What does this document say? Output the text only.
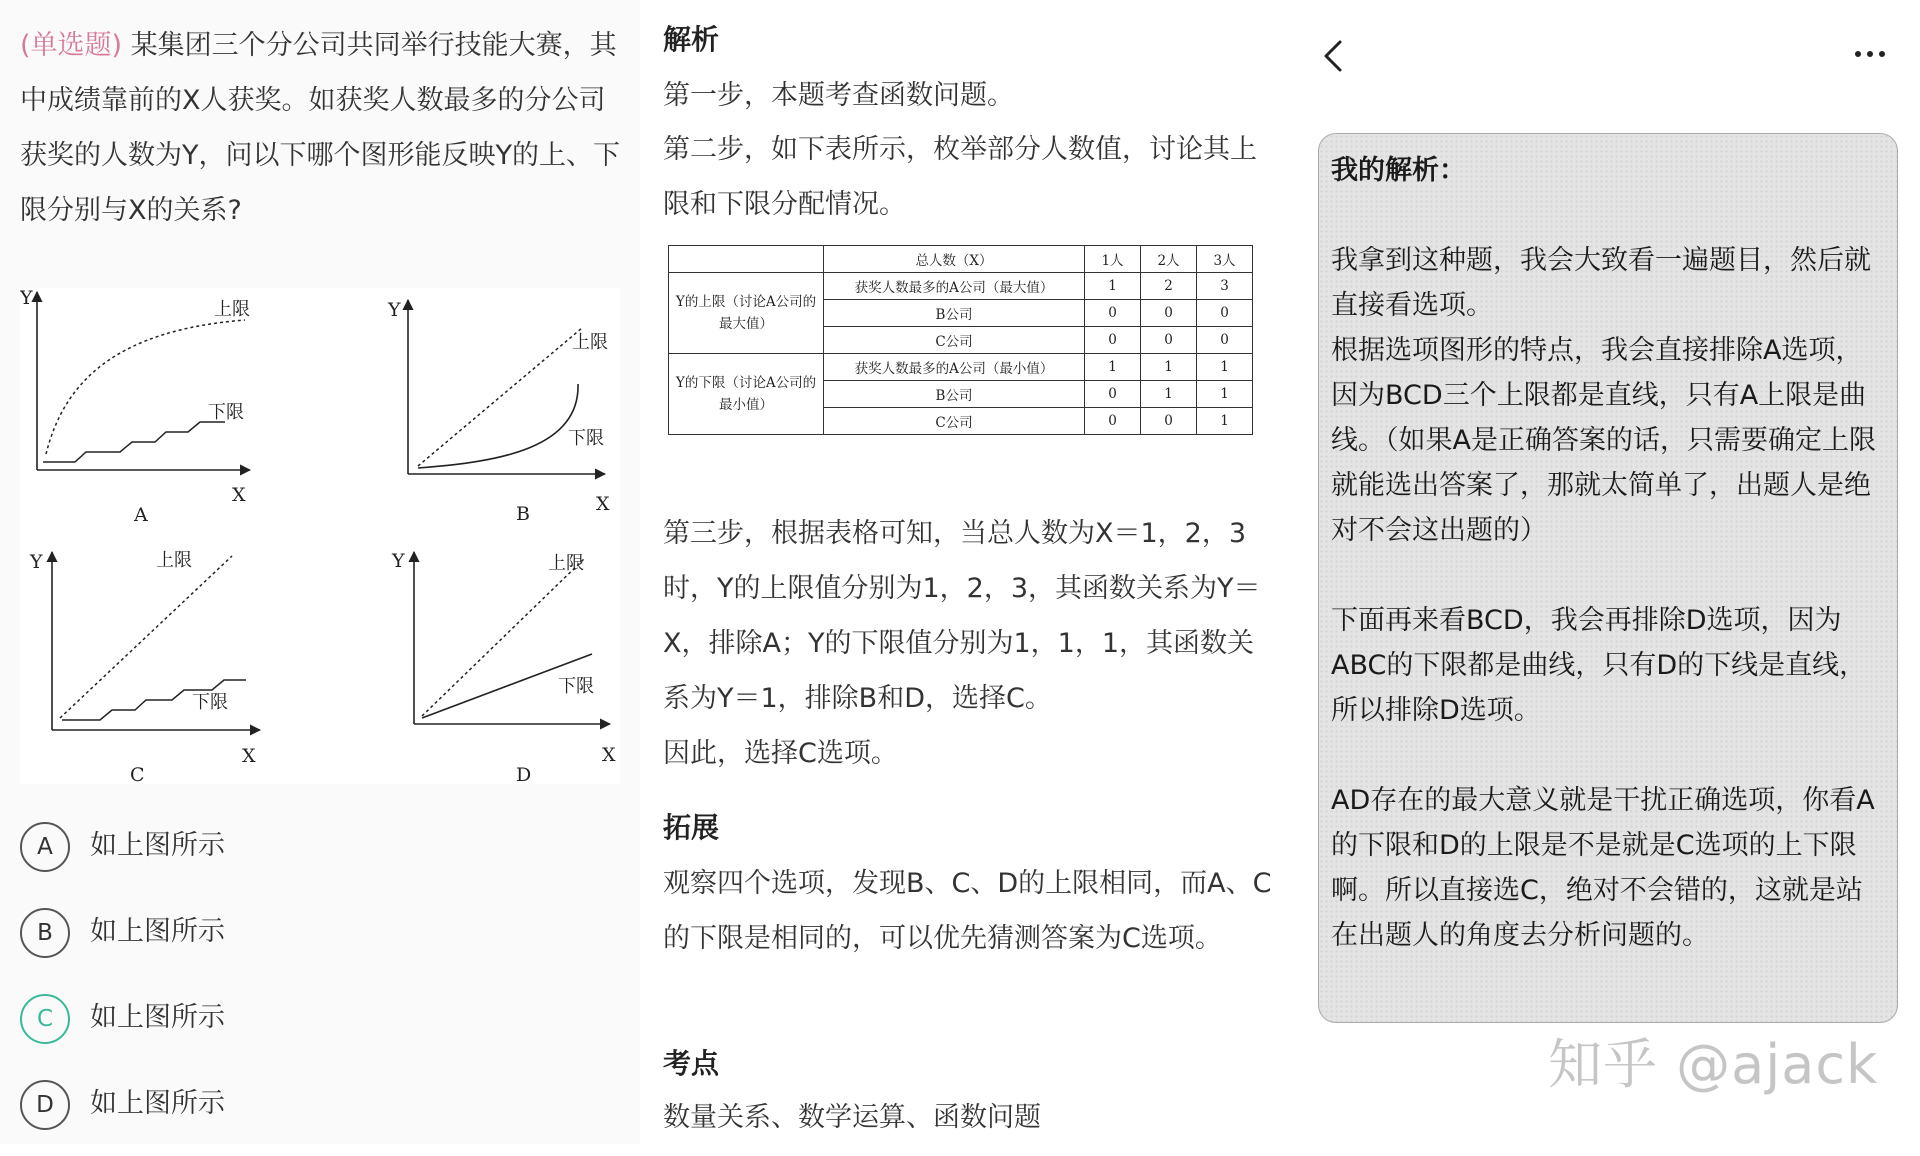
(单选题) 某集团三个分公司共同举行技能大赛，其中成绩靠前的X人获奖。如获奖人数最多的分公司获奖的人数为Y，问以下哪个图形能反映Y的上、下限分别与X的关系?
Y
X
上限
下限
A
Y
X
上限
下限
B
Y
X
上限
下限
C
Y
X
上限
下限
D
A	如上图所示
B	如上图所示
C	如上图所示
D	如上图所示
解析
第一步，本题考查函数问题。
第二步，如下表所示，枚举部分人数值，讨论其上限和下限分配情况。
	总人数（X）	1人	2人	3人
Y的上限（讨论A公司的最大值）	获奖人数最多的A公司（最大值）	1	2	3
	B公司	0	0	0
	C公司	0	0	0
Y的下限（讨论A公司的最小值）	获奖人数最多的A公司（最小值）	1	1	1
	B公司	0	1	1
	C公司	0	0	1
第三步，根据表格可知，当总人数为X＝1，2，3时，Y的上限值分别为1，2，3，其函数关系为Y＝X，排除A；Y的下限值分别为1，1，1，其函数关系为Y＝1，排除B和D，选择C。
因此，选择C选项。
拓展
观察四个选项，发现B、C、D的上限相同，而A、C的下限是相同的，可以优先猜测答案为C选项。
考点
数量关系、数学运算、函数问题

我的解析：

我拿到这种题，我会大致看一遍题目，然后就直接看选项。
根据选项图形的特点，我会直接排除A选项，因为BCD三个上限都是直线，只有A上限是曲线。（如果A是正确答案的话，只需要确定上限就能选出答案了，那就太简单了，出题人是绝对不会这出题的）

下面再来看BCD，我会再排除D选项，因为ABC的下限都是曲线，只有D的下线是直线，所以排除D选项。

AD存在的最大意义就是干扰正确选项，你看A的下限和D的上限是不是就是C选项的上下限啊。所以直接选C，绝对不会错的，这就是站在出题人的角度去分析问题的。

知乎 @ajack
